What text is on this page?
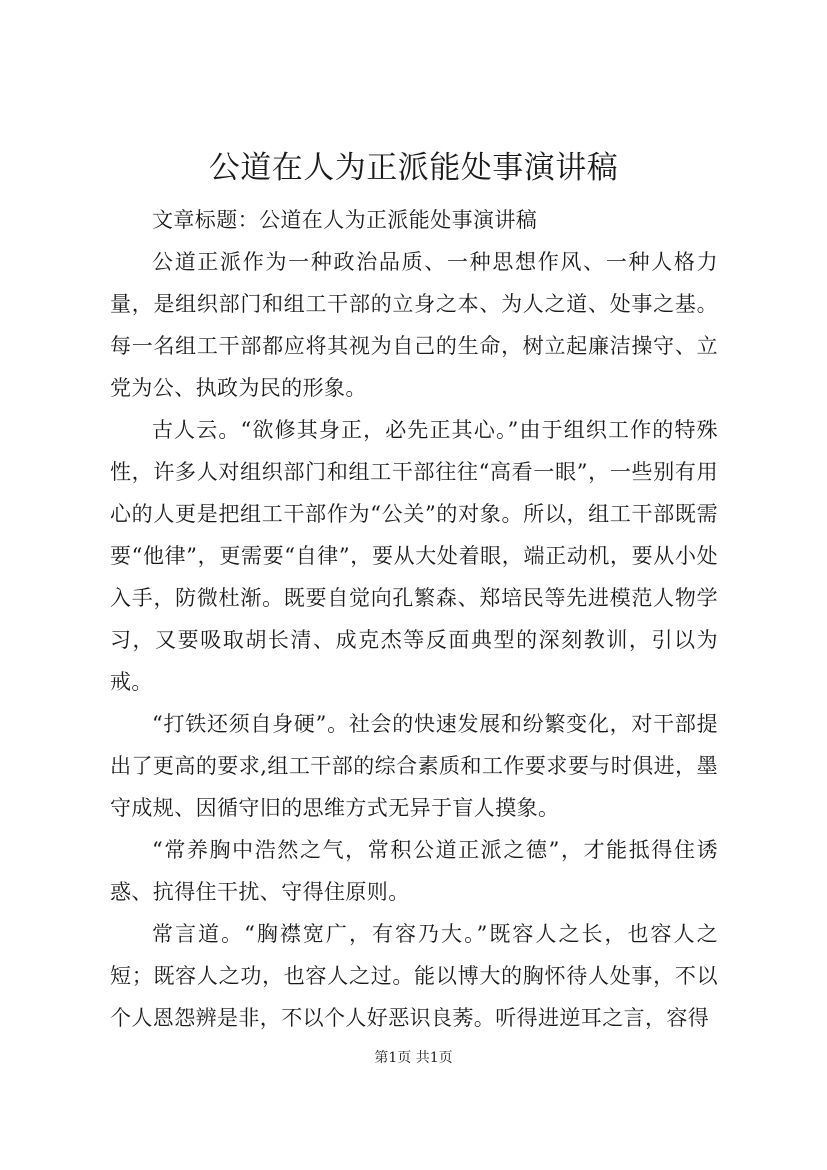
公道在人为正派能处事演讲稿

文章标题：公道在人为正派能处事演讲稿

公道正派作为一种政治品质、一种思想作风、一种人格力量，是组织部门和组工干部的立身之本、为人之道、处事之基。每一名组工干部都应将其视为自己的生命，树立起廉洁操守、立党为公、执政为民的形象。

古人云。“欲修其身正，必先正其心。”由于组织工作的特殊性，许多人对组织部门和组工干部往往“高看一眼”，一些别有用心的人更是把组工干部作为“公关”的对象。所以，组工干部既需要“他律”，更需要“自律”，要从大处着眼，端正动机，要从小处入手，防微杜渐。既要自觉向孔繁森、郑培民等先进模范人物学习，又要吸取胡长清、成克杰等反面典型的深刻教训，引以为戒。

“打铁还须自身硬”。社会的快速发展和纷繁变化，对干部提出了更高的要求,组工干部的综合素质和工作要求要与时俱进，墨守成规、因循守旧的思维方式无异于盲人摸象。

“常养胸中浩然之气，常积公道正派之德”，才能抵得住诱惑、抗得住干扰、守得住原则。

常言道。“胸襟宽广，有容乃大。”既容人之长，也容人之短；既容人之功，也容人之过。能以博大的胸怀待人处事，不以个人恩怨辨是非，不以个人好恶识良莠。听得进逆耳之言，容得

第1页 共1页
